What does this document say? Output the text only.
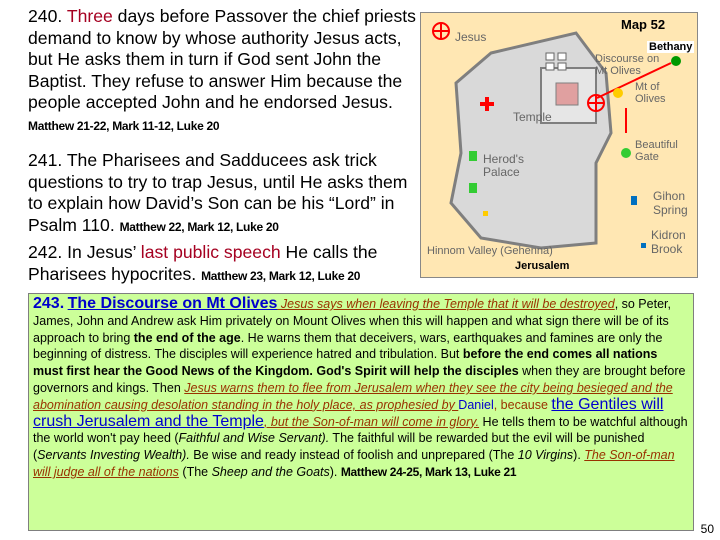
240. Three days before Passover the chief priests demand to know by whose authority Jesus acts, but He asks them in turn if God sent John the Baptist. They refuse to answer Him because the people accepted John and he endorsed Jesus. Matthew 21-22, Mark 11-12, Luke 20
241. The Pharisees and Sadducees ask trick questions to try to trap Jesus, until He asks them to explain how David’s Son can be his “Lord” in Psalm 110. Matthew 22, Mark 12, Luke 20
242. In Jesus’ last public speech He calls the Pharisees hypocrites. Matthew 23, Mark 12, Luke 20
Map 52
Jesus
Bethany
Discourse on
Mt Olives
Mt of
Olives
Temple
Beautiful
Gate
Herod's
Palace
Gihon
Spring
Kidron
Brook
Hinnom Valley (Gehenna)
Jerusalem
243. The Discourse on Mt Olives Jesus says when leaving the Temple that it will be destroyed, so Peter, James, John and Andrew ask Him privately on Mount Olives when this will happen and what sign there will be of its approach to bring the end of the age. He warns them that deceivers, wars, earthquakes and famines are only the beginning of distress. The disciples will experience hatred and tribulation. But before the end comes all nations must first hear the Good News of the Kingdom. God's Spirit will help the disciples when they are brought before governors and kings. Then Jesus warns them to flee from Jerusalem when they see the city being besieged and the abomination causing desolation standing in the holy place, as prophesied by Daniel, because the Gentiles will crush Jerusalem and the Temple, but the Son-of-man will come in glory. He tells them to be watchful although the world won't pay heed (Faithful and Wise Servant). The faithful will be rewarded but the evil will be punished (Servants Investing Wealth). Be wise and ready instead of foolish and unprepared (The 10 Virgins). The Son-of-man will judge all of the nations (The Sheep and the Goats). Matthew 24-25, Mark 13, Luke 21
50
